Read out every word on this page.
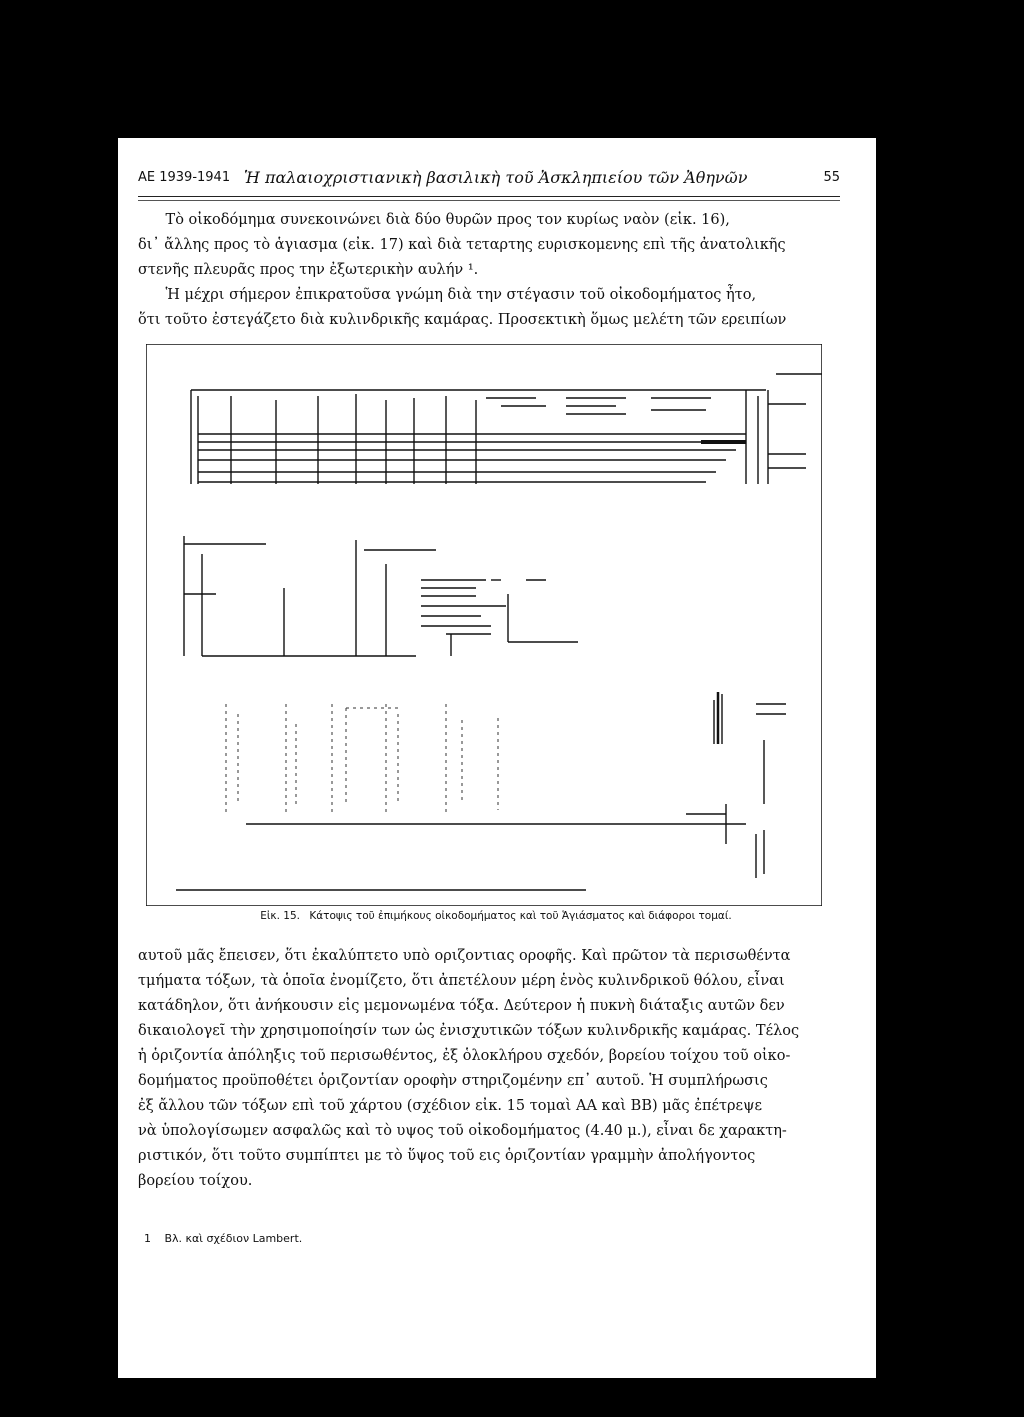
ΑΕ 1939-1941 Ἡ παλαιοχριστιανικὴ βασιλικὴ τοῦ Ἀσκληπιείου τῶν Ἀθηνῶν	55

Τὸ οἰκοδόμημα συνεκοινώνει διὰ δύο θυρῶν προς τον κυρίως ναὸν (εἰκ. 16),

δι᾽ ἄλλης προς τὸ ἁγιασμα (εἰκ. 17) καὶ διὰ τεταρτης ευρισκομενης επὶ τῆς ἀνατολικῆς

στενῆς πλευρᾶς προς την ἐξωτερικὴν αυλήν ¹.

Ἡ μέχρι σήμερον ἐπικρατοῦσα γνώμη διὰ την στέγασιν τοῦ οἰκοδομήματος ἦτο,

ὅτι τοῦτο ἐστεγάζετο διὰ κυλινδρικῆς καμάρας. Προσεκτικὴ ὅμως μελέτη τῶν ερειπίων

Εἰκ. 15. Κάτοψις τοῦ ἐπιμήκους οἰκοδομήματος καὶ τοῦ Ἁγιάσματος καὶ διάφοροι τομαί.

αυτοῦ μᾶς ἔπεισεν, ὅτι ἐκαλύπτετο υπὸ οριζοντιας οροφῆς. Καὶ πρῶτον τὰ περισωθέντα

τμήματα τόξων, τὰ ὁποῖα ἐνομίζετο, ὅτι ἀπετέλουν μέρη ἑνὸς κυλινδρικοῦ θόλου, εἶναι

κατάδηλον, ὅτι ἀνήκουσιν εἰς μεμονωμένα τόξα. Δεύτερον ἡ πυκνὴ διάταξις αυτῶν δεν

δικαιολογεῖ τὴν χρησιμοποίησίν των ὡς ἐνισχυτικῶν τόξων κυλινδρικῆς καμάρας. Τέλος

ἡ ὁριζοντία ἀπόληξις τοῦ περισωθέντος, ἐξ ὁλοκλήρου σχεδόν, βορείου τοίχου τοῦ οἰκο-

δομήματος προϋποθέτει ὁριζοντίαν οροφὴν στηριζομένην επ᾽ αυτοῦ. Ἡ συμπλήρωσις

ἐξ ἄλλου τῶν τόξων επὶ τοῦ χάρτου (σχέδιον εἰκ. 15 τομαὶ ΑΑ καὶ ΒΒ) μᾶς ἐπέτρεψε

νὰ ὑπολογίσωμεν ασφαλῶς καὶ τὸ υψος τοῦ οἰκοδομήματος (4.40 μ.), εἶναι δε χαρακτη-

ριστικόν, ὅτι τοῦτο συμπίπτει με τὸ ὕψος τοῦ εις ὁριζοντίαν γραμμὴν ἀπολήγοντος

βορείου τοίχου.

1 Βλ. καὶ σχέδιον Lambert.
